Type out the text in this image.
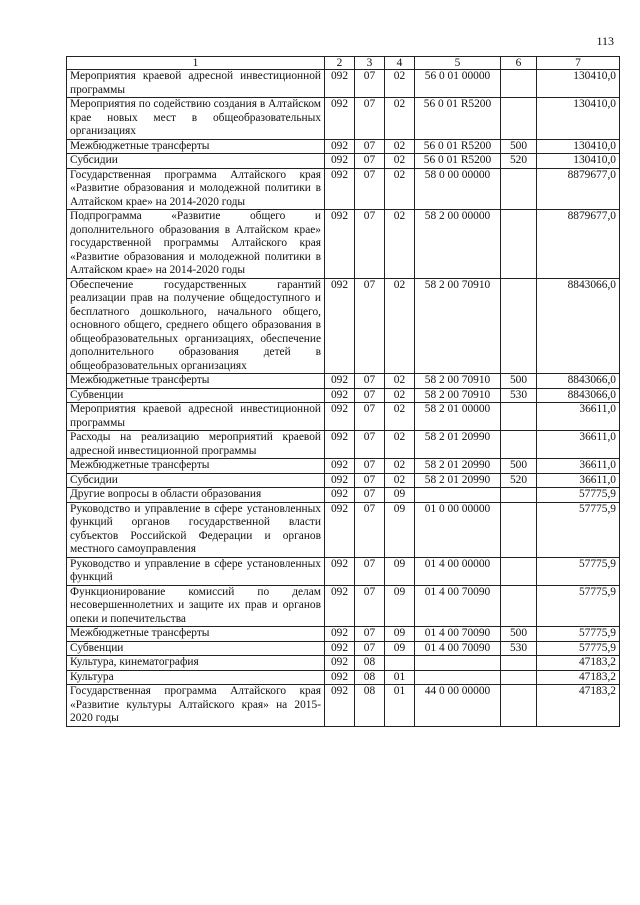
113
1	2	3	4	5	6	7
Мероприятия краевой адресной инвестиционной программы	092	07	02	56 0 01 00000		130410,0
Мероприятия по содействию создания в Алтайском крае новых мест в общеобразовательных организациях	092	07	02	56 0 01 R5200		130410,0
Межбюджетные трансферты	092	07	02	56 0 01 R5200	500	130410,0
Субсидии	092	07	02	56 0 01 R5200	520	130410,0
Государственная программа Алтайского края «Развитие образования и молодежной политики в Алтайском крае» на 2014-2020 годы	092	07	02	58 0 00 00000		8879677,0
Подпрограмма «Развитие общего и дополнительного образования в Алтайском крае» государственной программы Алтайского края «Развитие образования и молодежной политики в Алтайском крае» на 2014-2020 годы	092	07	02	58 2 00 00000		8879677,0
Обеспечение государственных гарантий реализации прав на получение общедоступного и бесплатного дошкольного, начального общего, основного общего, среднего общего образования в общеобразовательных организациях, обеспечение дополнительного образования детей в общеобразовательных организациях	092	07	02	58 2 00 70910		8843066,0
Межбюджетные трансферты	092	07	02	58 2 00 70910	500	8843066,0
Субвенции	092	07	02	58 2 00 70910	530	8843066,0
Мероприятия краевой адресной инвестиционной программы	092	07	02	58 2 01 00000		36611,0
Расходы на реализацию мероприятий краевой адресной инвестиционной программы	092	07	02	58 2 01 20990		36611,0
Межбюджетные трансферты	092	07	02	58 2 01 20990	500	36611,0
Субсидии	092	07	02	58 2 01 20990	520	36611,0
Другие вопросы в области образования	092	07	09			57775,9
Руководство и управление в сфере установленных функций органов государственной власти субъектов Российской Федерации и органов местного самоуправления	092	07	09	01 0 00 00000		57775,9
Руководство и управление в сфере установленных функций	092	07	09	01 4 00 00000		57775,9
Функционирование комиссий по делам несовершеннолетних и защите их прав и органов опеки и попечительства	092	07	09	01 4 00 70090		57775,9
Межбюджетные трансферты	092	07	09	01 4 00 70090	500	57775,9
Субвенции	092	07	09	01 4 00 70090	530	57775,9
Культура, кинематография	092	08				47183,2
Культура	092	08	01			47183,2
Государственная программа Алтайского края «Развитие культуры Алтайского края» на 2015-2020 годы	092	08	01	44 0 00 00000		47183,2
